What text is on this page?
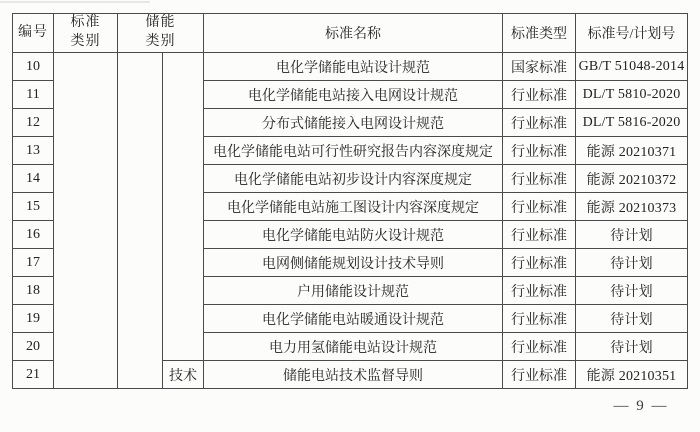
编号	标准类别	储能类别		标准名称	标准类型	标准号/计划号
10				电化学储能电站设计规范	国家标准	GB/T 51048-2014
11				电化学储能电站接入电网设计规范	行业标准	DL/T 5810-2020
12				分布式储能接入电网设计规范	行业标准	DL/T 5816-2020
13				电化学储能电站可行性研究报告内容深度规定	行业标准	能源 20210371
14				电化学储能电站初步设计内容深度规定	行业标准	能源 20210372
15				电化学储能电站施工图设计内容深度规定	行业标准	能源 20210373
16				电化学储能电站防火设计规范	行业标准	待计划
17				电网侧储能规划设计技术导则	行业标准	待计划
18				户用储能设计规范	行业标准	待计划
19				电化学储能电站暖通设计规范	行业标准	待计划
20				电力用氢储能电站设计规范	行业标准	待计划
21			技术	储能电站技术监督导则	行业标准	能源 20210351
— 9 —
